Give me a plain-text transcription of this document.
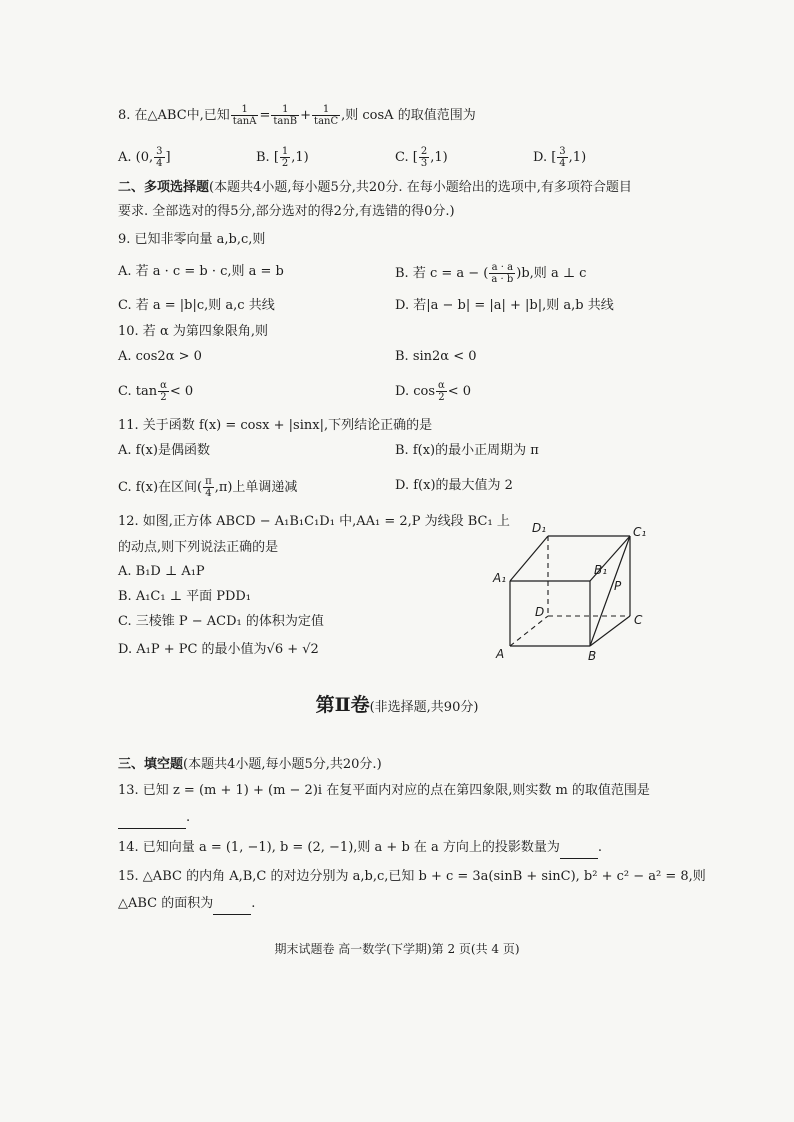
8. 在△ABC中,已知 $\frac{1}{\tan A} = \frac{1}{\tan B} + \frac{1}{\tan C}$ ,则 cosA 的取值范围为
A. (0, $\frac{3}{4}$ ]	B. [ $\frac{1}{2} ,1$)	C. [ $\frac{2}{3} ,1$)	D. [ $\frac{3}{4} ,1$)
二、多项选择题(本题共4小题,每小题5分,共20分. 在每小题给出的选项中,有多项符合题目
要求. 全部选对的得5分,部分选对的得2分,有选错的得0分.)
9. 已知非零向量 a,b,c,则
A. 若 a · c = b · c,则 a = b	B. 若 c = a − ( $\frac{a \cdot a}{a \cdot b} )b$,则 a ⊥ c
C. 若 a = |b|c,则 a,c 共线	D. 若|a − b| = |a| + |b|,则 a,b 共线
10. 若 α 为第四象限角,则
A. cos2α > 0	B. sin2α < 0
C. $\tan \frac{\alpha}{2} < 0$	D. $\cos \frac{\alpha}{2} < 0$
11. 关于函数 f(x) = cosx + |sinx|,下列结论正确的是
A. f(x)是偶函数	B. f(x)的最小正周期为 π
C. f(x)在区间( $\frac{\pi}{4} ,\pi$)上单调递减	D. f(x)的最大值为 2
12. 如图,正方体 ABCD − A₁B₁C₁D₁ 中,AA₁ = 2,P 为线段 BC₁ 上
的动点,则下列说法正确的是
A. B₁D ⊥ A₁P
B. A₁C₁ ⊥ 平面 PDD₁
C. 三棱锥 P − ACD₁ 的体积为定值
D. A₁P + PC 的最小值为√6 + √2
D₁	C₁
A₁
B₁
P
D
C
A	B
第Ⅱ卷(非选择题,共90分)
三、填空题(本题共4小题,每小题5分,共20分.)
13. 已知 z = (m + 1) + (m − 2)i 在复平面内对应的点在第四象限,则实数 m 的取值范围是
.
14. 已知向量 a = (1, −1), b = (2, −1),则 a + b 在 a 方向上的投影数量为	.
15. △ABC 的内角 A,B,C 的对边分别为 a,b,c,已知 b + c = 3a(sinB + sinC), b² + c² − a² = 8,则
△ABC 的面积为	.
期末试题卷 高一数学(下学期)第 2 页(共 4 页)
